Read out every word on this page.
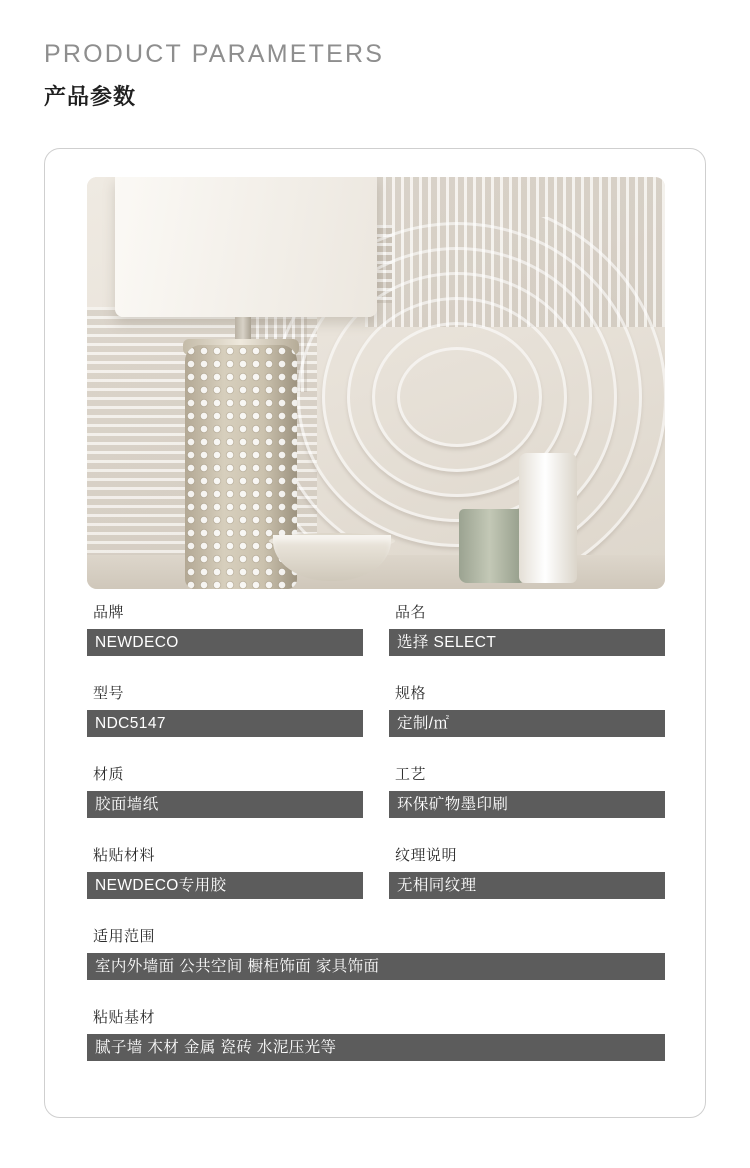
PRODUCT PARAMETERS
产品参数
品牌
NEWDECO
品名
选择 SELECT
型号
NDC5147
规格
定制/㎡
材质
胶面墙纸
工艺
环保矿物墨印刷
粘贴材料
NEWDECO专用胶
纹理说明
无相同纹理
适用范围
室内外墙面 公共空间 橱柜饰面 家具饰面
粘贴基材
腻子墙 木材 金属 瓷砖 水泥压光等
